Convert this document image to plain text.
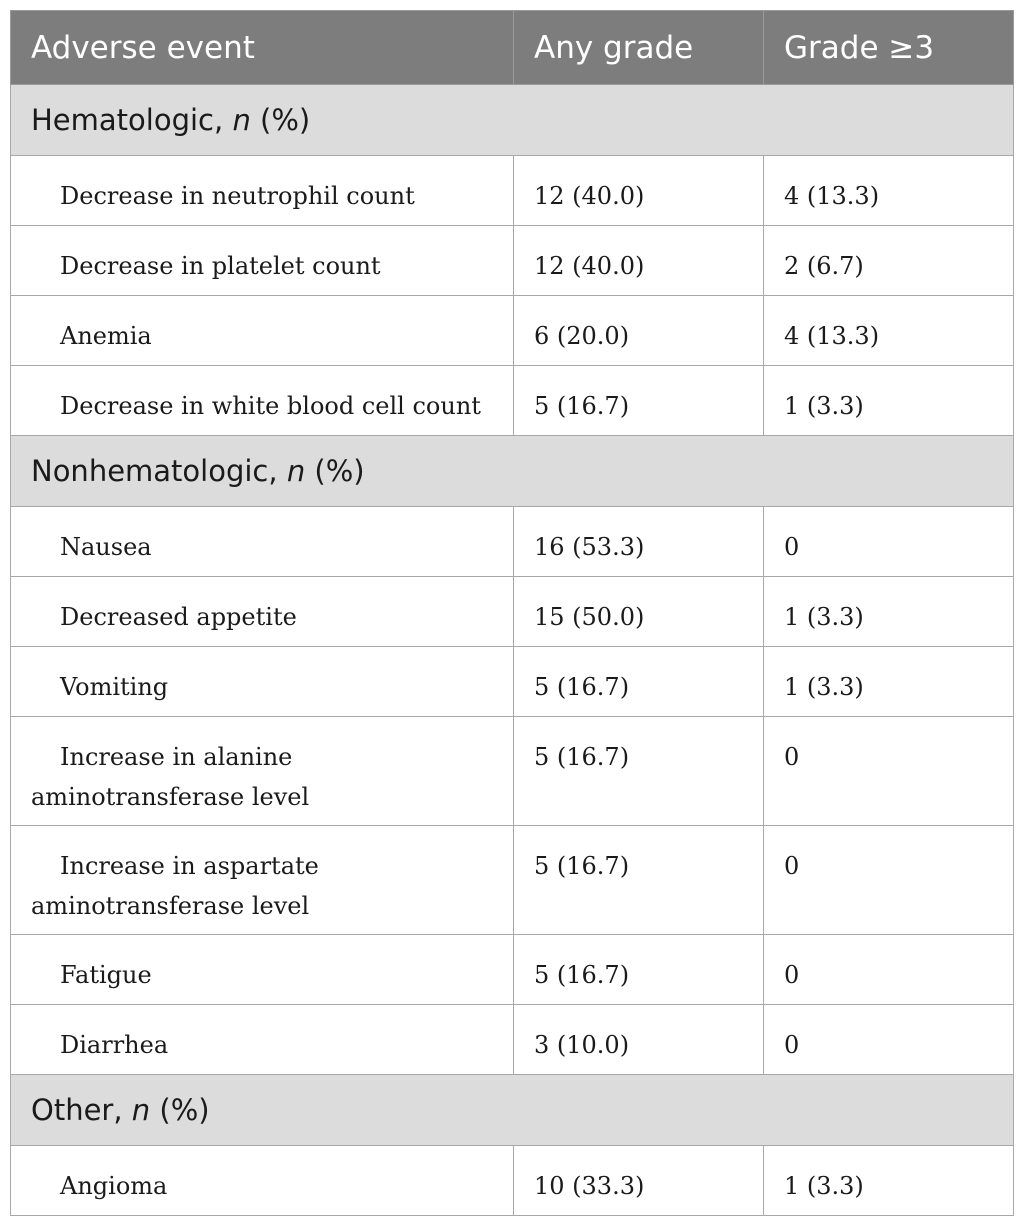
Adverse event	Any grade	Grade ≥3
Hematologic, n (%)		
Decrease in neutrophil count	12 (40.0)	4 (13.3)
Decrease in platelet count	12 (40.0)	2 (6.7)
Anemia	6 (20.0)	4 (13.3)
Decrease in white blood cell count	5 (16.7)	1 (3.3)
Nonhematologic, n (%)		
Nausea	16 (53.3)	0
Decreased appetite	15 (50.0)	1 (3.3)
Vomiting	5 (16.7)	1 (3.3)
Increase in alanine aminotransferase level	5 (16.7)	0
Increase in aspartate aminotransferase level	5 (16.7)	0
Fatigue	5 (16.7)	0
Diarrhea	3 (10.0)	0
Other, n (%)		
Angioma	10 (33.3)	1 (3.3)
